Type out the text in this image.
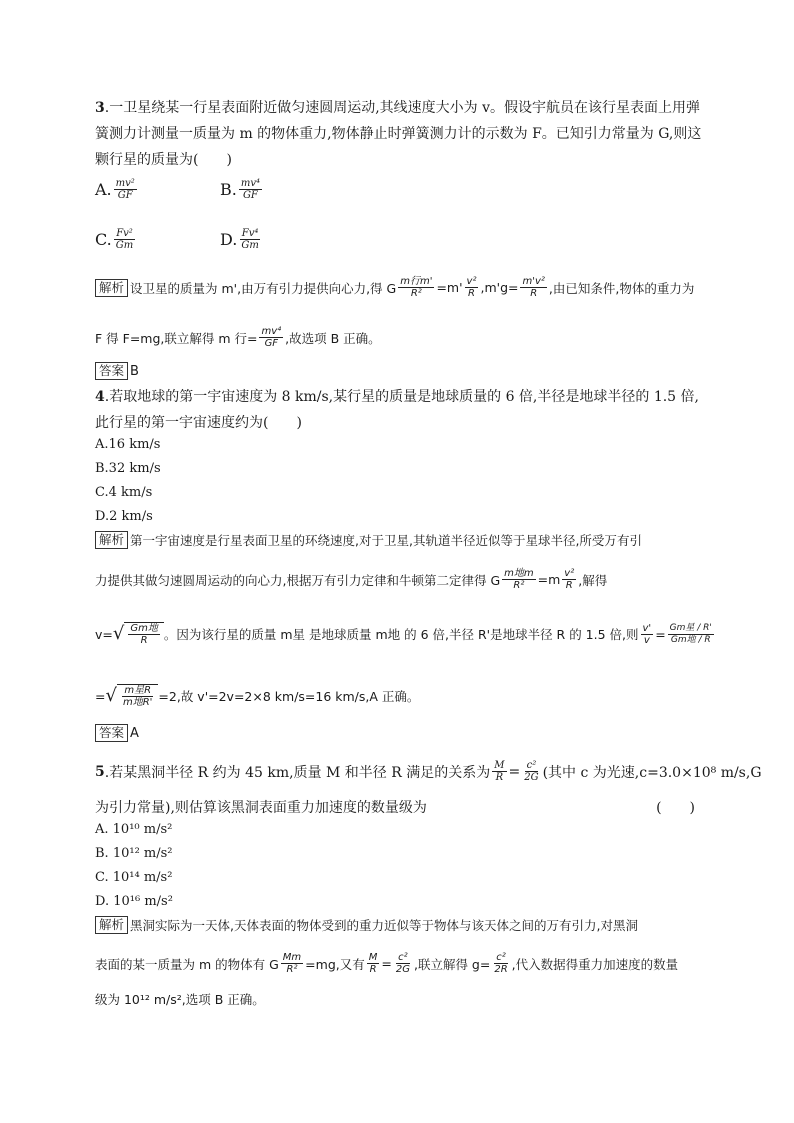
3.一卫星绕某一行星表面附近做匀速圆周运动,其线速度大小为 v。假设宇航员在该行星表面上用弹簧测力计测量一质量为 m 的物体重力,物体静止时弹簧测力计的示数为 F。已知引力常量为 G,则这颗行星的质量为(　　)
A. $\frac{\text{mv²}}{GF}$	B. $\frac{\text{mv⁴}}{GF}$
C. $\frac{\text{Fv²}}{Gm}$	D. $\frac{\text{Fv⁴}}{Gm}$
解析 设卫星的质量为 m',由万有引力提供向心力,得 G $\frac{\text{m行m'}}{\text{R²}} =m' \frac{\text{v²}}{R} ,m'g= \frac{\text{m'v²}}{R}$ ,由已知条件,物体的重力为
F 得 F=mg,联立解得 m 行= $\frac{\text{mv⁴}}{GF}$ ,故选项 B 正确。
答案 B
4.若取地球的第一宇宙速度为 8 km/s,某行星的质量是地球质量的 6 倍,半径是地球半径的 1.5 倍,此行星的第一宇宙速度约为(　　)
A.16 km/s
B.32 km/s
C.4 km/s
D.2 km/s
解析 第一宇宙速度是行星表面卫星的环绕速度,对于卫星,其轨道半径近似等于星球半径,所受万有引
力提供其做匀速圆周运动的向心力,根据万有引力定律和牛顿第二定律得 G $\frac{\text{m地m}}{\text{R²}} =m \frac{\text{v²}}{R}$ ,解得
v= √ $\frac{\text{Gm地}}{R}$ 。因为该行星的质量 m星 是地球质量 m地 的 6 倍,半径 R'是地球半径 R 的 1.5 倍,则 $\frac{v'}{v} = \frac{\text{Gm星 / R'}}{\text{Gm地 / R}}$
= √ $\frac{\text{m星R}}{\text{m地R'}} =2$,故 v'=2v=2×8 km/s=16 km/s,A 正确。
答案 A
5 .若某黑洞半径 R 约为 45 km,质量 M 和半径 R 满足的关系为 $\frac{M}{R} = \frac{\text{c²}}{2G}$ (其中 c 为光速,c=3.0×10⁸ m/s,G
为引力常量),则估算该黑洞表面重力加速度的数量级为	(　　)
A. 10¹⁰ m/s²
B. 10¹² m/s²
C. 10¹⁴ m/s²
D. 10¹⁶ m/s²
解析 黑洞实际为一天体,天体表面的物体受到的重力近似等于物体与该天体之间的万有引力,对黑洞
表面的某一质量为 m 的物体有 G $\frac{Mm}{\text{R²}} =mg$,又有 $\frac{M}{R} = \frac{\text{c²}}{2G}$ ,联立解得 $g= \frac{\text{c²}}{2R}$ ,代入数据得重力加速度的数量
级为 10¹² m/s²,选项 B 正确。
